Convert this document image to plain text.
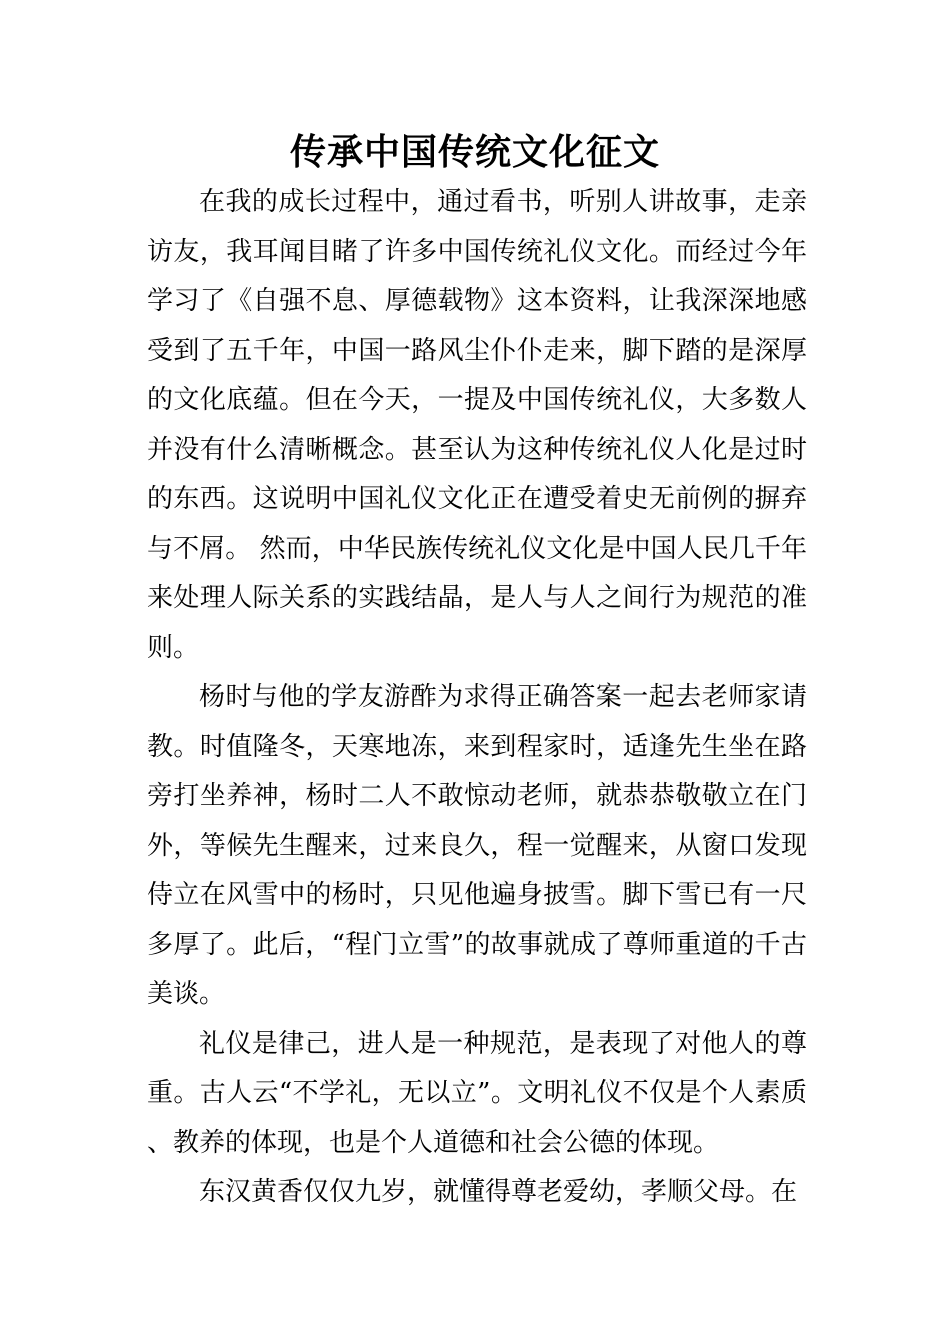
传承中国传统文化征文

在我的成长过程中，通过看书，听别人讲故事，走亲访友，我耳闻目睹了许多中国传统礼仪文化。而经过今年学习了《自强不息、厚德载物》这本资料，让我深深地感受到了五千年，中国一路风尘仆仆走来，脚下踏的是深厚的文化底蕴。但在今天，一提及中国传统礼仪，大多数人并没有什么清晰概念。甚至认为这种传统礼仪人化是过时的东西。这说明中国礼仪文化正在遭受着史无前例的摒弃与不屑。 然而，中华民族传统礼仪文化是中国人民几千年来处理人际关系的实践结晶，是人与人之间行为规范的准则。

杨时与他的学友游酢为求得正确答案一起去老师家请教。时值隆冬，天寒地冻，来到程家时，适逢先生坐在路旁打坐养神，杨时二人不敢惊动老师，就恭恭敬敬立在门外，等候先生醒来，过来良久，程一觉醒来，从窗口发现侍立在风雪中的杨时，只见他遍身披雪。脚下雪已有一尺多厚了。此后，“程门立雪”的故事就成了尊师重道的千古美谈。

礼仪是律己，进人是一种规范，是表现了对他人的尊重。古人云“不学礼，无以立”。文明礼仪不仅是个人素质、教养的体现，也是个人道德和社会公德的体现。

东汉黄香仅仅九岁，就懂得尊老爱幼，孝顺父母。在
